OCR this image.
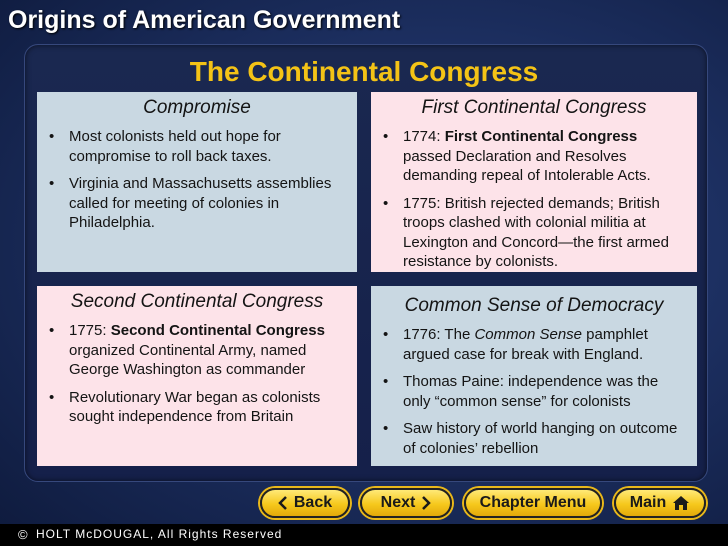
Origins of American Government
The Continental Congress
Compromise
• Most colonists held out hope for compromise to roll back taxes.
• Virginia and Massachusetts assemblies called for meeting of colonies in Philadelphia.
First Continental Congress
• 1774: First Continental Congress passed Declaration and Resolves demanding repeal of Intolerable Acts.
• 1775: British rejected demands; British troops clashed with colonial militia at Lexington and Concord—the first armed resistance by colonists.
Second Continental Congress
• 1775: Second Continental Congress organized Continental Army, named George Washington as commander
• Revolutionary War began as colonists sought independence from Britain
Common Sense of Democracy
• 1776: The Common Sense pamphlet argued case for break with England.
• Thomas Paine: independence was the only “common sense” for colonists
• Saw history of world hanging on outcome of colonies’ rebellion
Back	Next	Chapter Menu	Main
© HOLT McDOUGAL, All Rights Reserved
